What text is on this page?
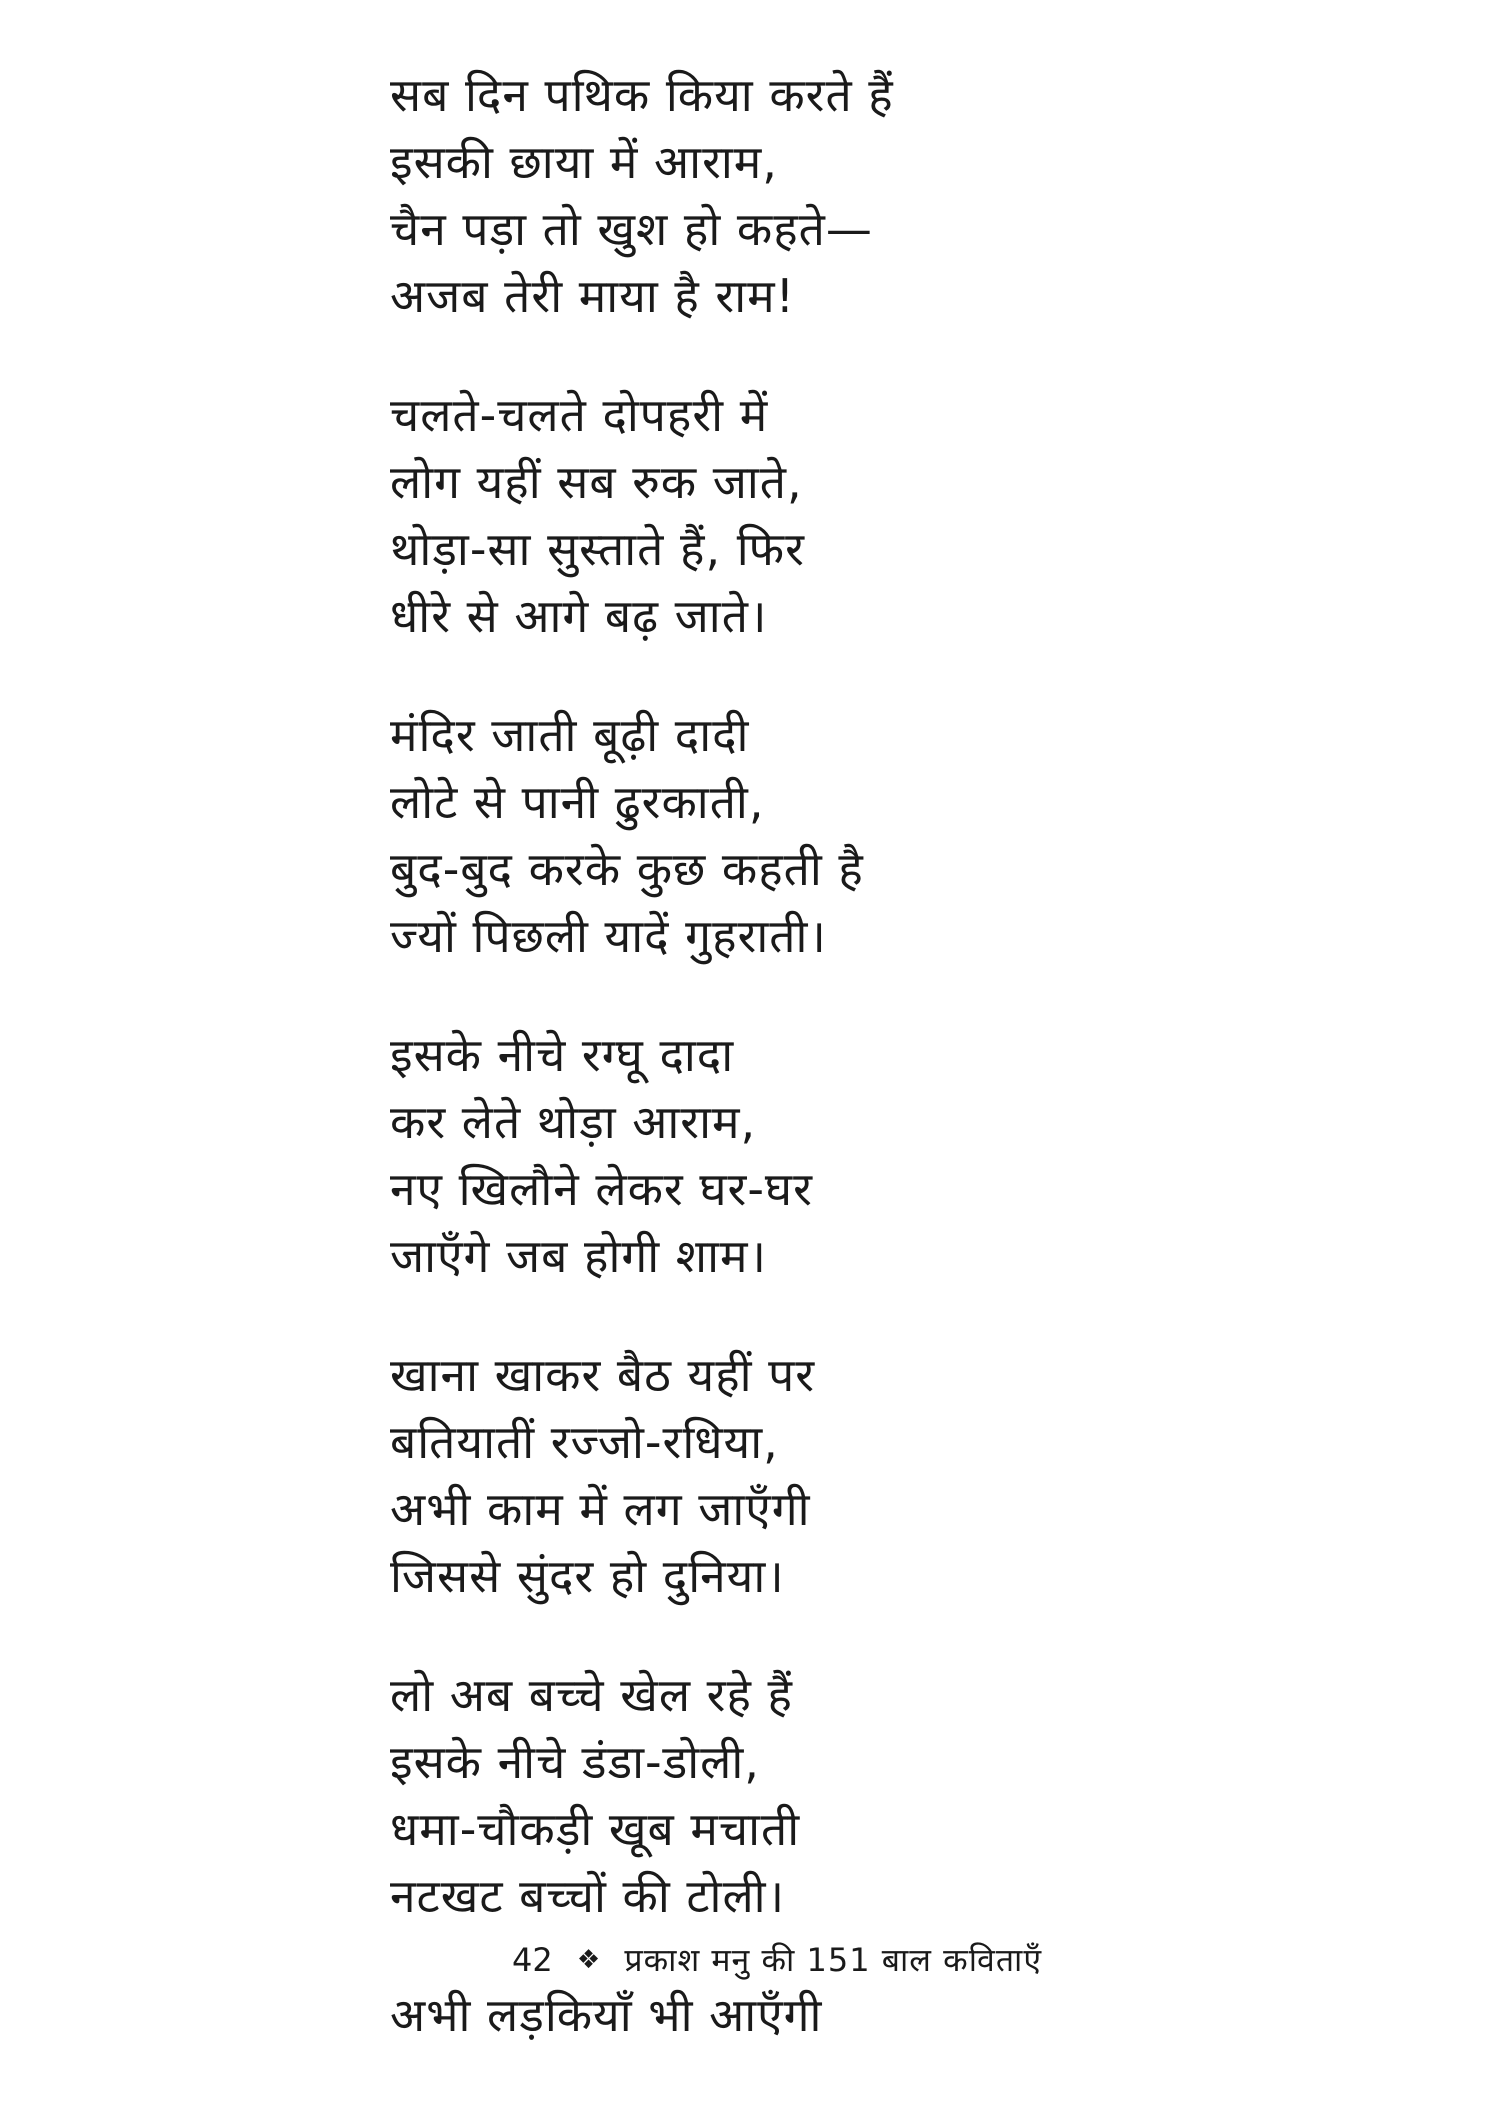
सब दिन पथिक किया करते हैं
इसकी छाया में आराम,
चैन पड़ा तो खुश हो कहते—
अजब तेरी माया है राम!
चलते-चलते दोपहरी में
लोग यहीं सब रुक जाते,
थोड़ा-सा सुस्ताते हैं, फिर
धीरे से आगे बढ़ जाते।
मंदिर जाती बूढ़ी दादी
लोटे से पानी ढुरकाती,
बुद-बुद करके कुछ कहती है
ज्यों पिछली यादें गुहराती।
इसके नीचे रग्घू दादा
कर लेते थोड़ा आराम,
नए खिलौने लेकर घर-घर
जाएँगे जब होगी शाम।
खाना खाकर बैठ यहीं पर
बतियातीं रज्जो-रधिया,
अभी काम में लग जाएँगी
जिससे सुंदर हो दुनिया।
लो अब बच्चे खेल रहे हैं
इसके नीचे डंडा-डोली,
धमा-चौकड़ी खूब मचाती
नटखट बच्चों की टोली।
अभी लड़कियाँ भी आएँगी
42 ❖ प्रकाश मनु की 151 बाल कविताएँ
